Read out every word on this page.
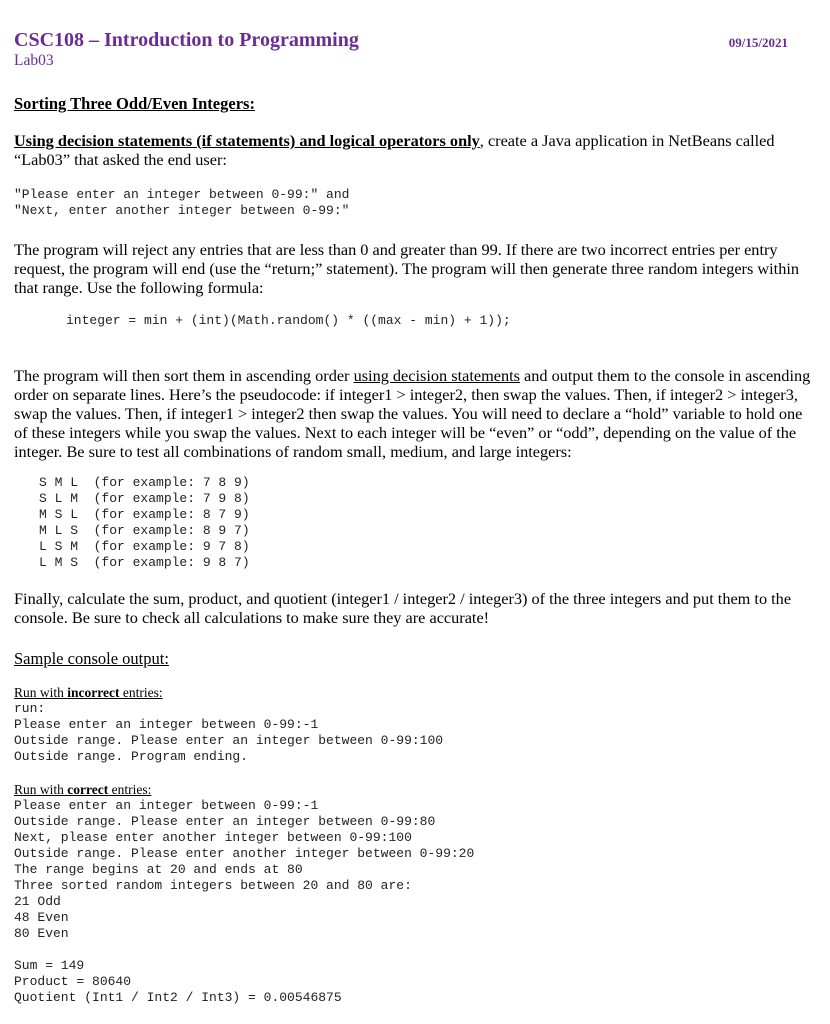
CSC108 – Introduction to Programming
Lab03
09/15/2021
Sorting Three Odd/Even Integers:
Using decision statements (if statements) and logical operators only, create a Java application in NetBeans called “Lab03” that asked the end user:
"Please enter an integer between 0-99:" and
"Next, enter another integer between 0-99:"
The program will reject any entries that are less than 0 and greater than 99. If there are two incorrect entries per entry request, the program will end (use the “return;” statement). The program will then generate three random integers within that range. Use the following formula:
integer = min + (int)(Math.random() * ((max - min) + 1));
The program will then sort them in ascending order using decision statements and output them to the console in ascending order on separate lines. Here’s the pseudocode: if integer1 > integer2, then swap the values. Then, if integer2 > integer3, swap the values. Then, if integer1 > integer2 then swap the values. You will need to declare a “hold” variable to hold one of these integers while you swap the values. Next to each integer will be “even” or “odd”, depending on the value of the integer. Be sure to test all combinations of random small, medium, and large integers:
S M L  (for example: 7 8 9)
S L M  (for example: 7 9 8)
M S L  (for example: 8 7 9)
M L S  (for example: 8 9 7)
L S M  (for example: 9 7 8)
L M S  (for example: 9 8 7)
Finally, calculate the sum, product, and quotient (integer1 / integer2 / integer3) of the three integers and put them to the console. Be sure to check all calculations to make sure they are accurate!
Sample console output:
Run with incorrect entries:
run:
Please enter an integer between 0-99:-1
Outside range. Please enter an integer between 0-99:100
Outside range. Program ending.
Run with correct entries:
Please enter an integer between 0-99:-1
Outside range. Please enter an integer between 0-99:80
Next, please enter another integer between 0-99:100
Outside range. Please enter another integer between 0-99:20
The range begins at 20 and ends at 80
Three sorted random integers between 20 and 80 are:
21 Odd
48 Even
80 Even
Sum = 149
Product = 80640
Quotient (Int1 / Int2 / Int3) = 0.00546875
